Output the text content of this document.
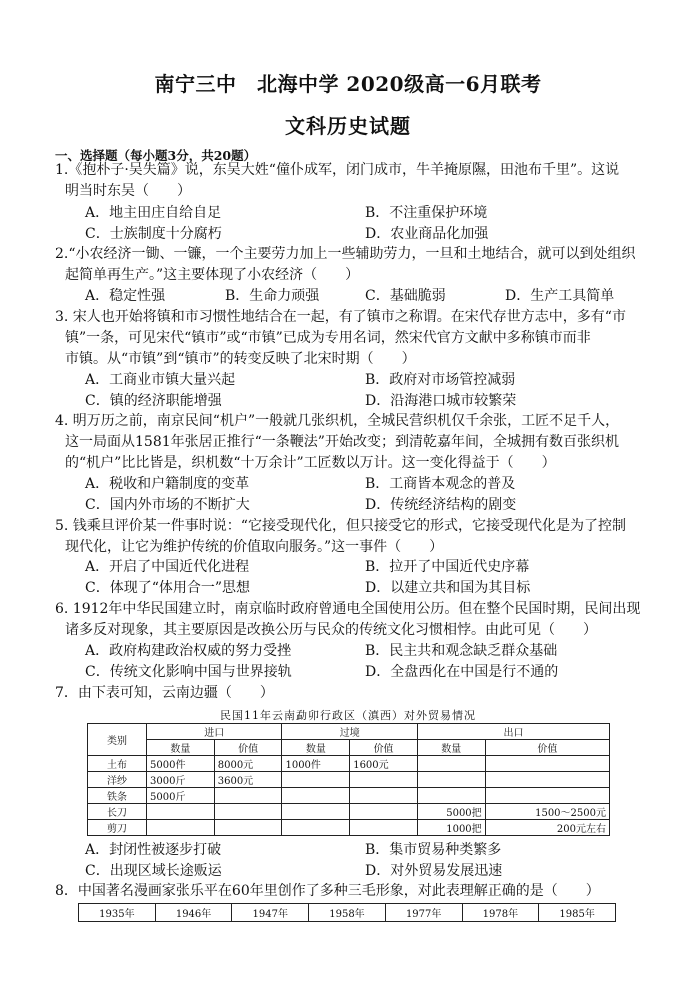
南宁三中　北海中学 2020级高一6月联考
文科历史试题
一、选择题（每小题3分，共20题）
1.《抱朴子·吴失篇》说，东吴大姓“僮仆成军，闭门成市，牛羊掩原隰，田池布千里”。这说
明当时东吴（　　）
A．地主田庄自给自足	B．不注重保护环境
C．士族制度十分腐朽	D．农业商品化加强
2.“小农经济一锄、一镰，一个主要劳力加上一些辅助劳力，一旦和土地结合，就可以到处组织
起简单再生产。”这主要体现了小农经济（　　）
A．稳定性强	B．生命力顽强	C．基础脆弱	D．生产工具简单
3. 宋人也开始将镇和市习惯性地结合在一起，有了镇市之称谓。在宋代存世方志中，多有“市
镇”一条，可见宋代“镇市”或“市镇”已成为专用名词，然宋代官方文献中多称镇市而非
市镇。从“市镇”到“镇市”的转变反映了北宋时期（　　）
A．工商业市镇大量兴起	B．政府对市场管控减弱
C．镇的经济职能增强	D．沿海港口城市较繁荣
4. 明万历之前，南京民间“机户”一般就几张织机，全城民营织机仅千余张，工匠不足千人，
这一局面从1581年张居正推行“一条鞭法”开始改变；到清乾嘉年间，全城拥有数百张织机
的“机户”比比皆是，织机数“十万余计”工匠数以万计。这一变化得益于（　　）
A．税收和户籍制度的变革	B．工商皆本观念的普及
C．国内外市场的不断扩大	D．传统经济结构的剧变
5. 钱乘旦评价某一件事时说：“它接受现代化，但只接受它的形式，它接受现代化是为了控制
现代化，让它为维护传统的价值取向服务。”这一事件（　　）
A．开启了中国近代化进程	B．拉开了中国近代史序幕
C．体现了“体用合一”思想	D．以建立共和国为其目标
6. 1912年中华民国建立时，南京临时政府曾通电全国使用公历。但在整个民国时期，民间出现
诸多反对现象，其主要原因是改换公历与民众的传统文化习惯相悖。由此可见（　　）
A．政府构建政治权威的努力受挫	B．民主共和观念缺乏群众基础
C．传统文化影响中国与世界接轨	D．全盘西化在中国是行不通的
7．由下表可知，云南边疆（　　）
民国11年云南勐卯行政区（滇西）对外贸易情况
类别	进口		过境		出口	
	数量	价值	数量	价值	数量	价值
土布	5000件	8000元	1000件	1600元		
洋纱	3000斤	3600元				
铁条	5000斤					
长刀					5000把	1500～2500元
剪刀					1000把	200元左右
A．封闭性被逐步打破	B．集市贸易种类繁多
C．出现区域长途贩运	D．对外贸易发展迅速
8．中国著名漫画家张乐平在60年里创作了多种三毛形象，对此表理解正确的是（　　）
1935年	1946年	1947年	1958年	1977年	1978年	1985年
